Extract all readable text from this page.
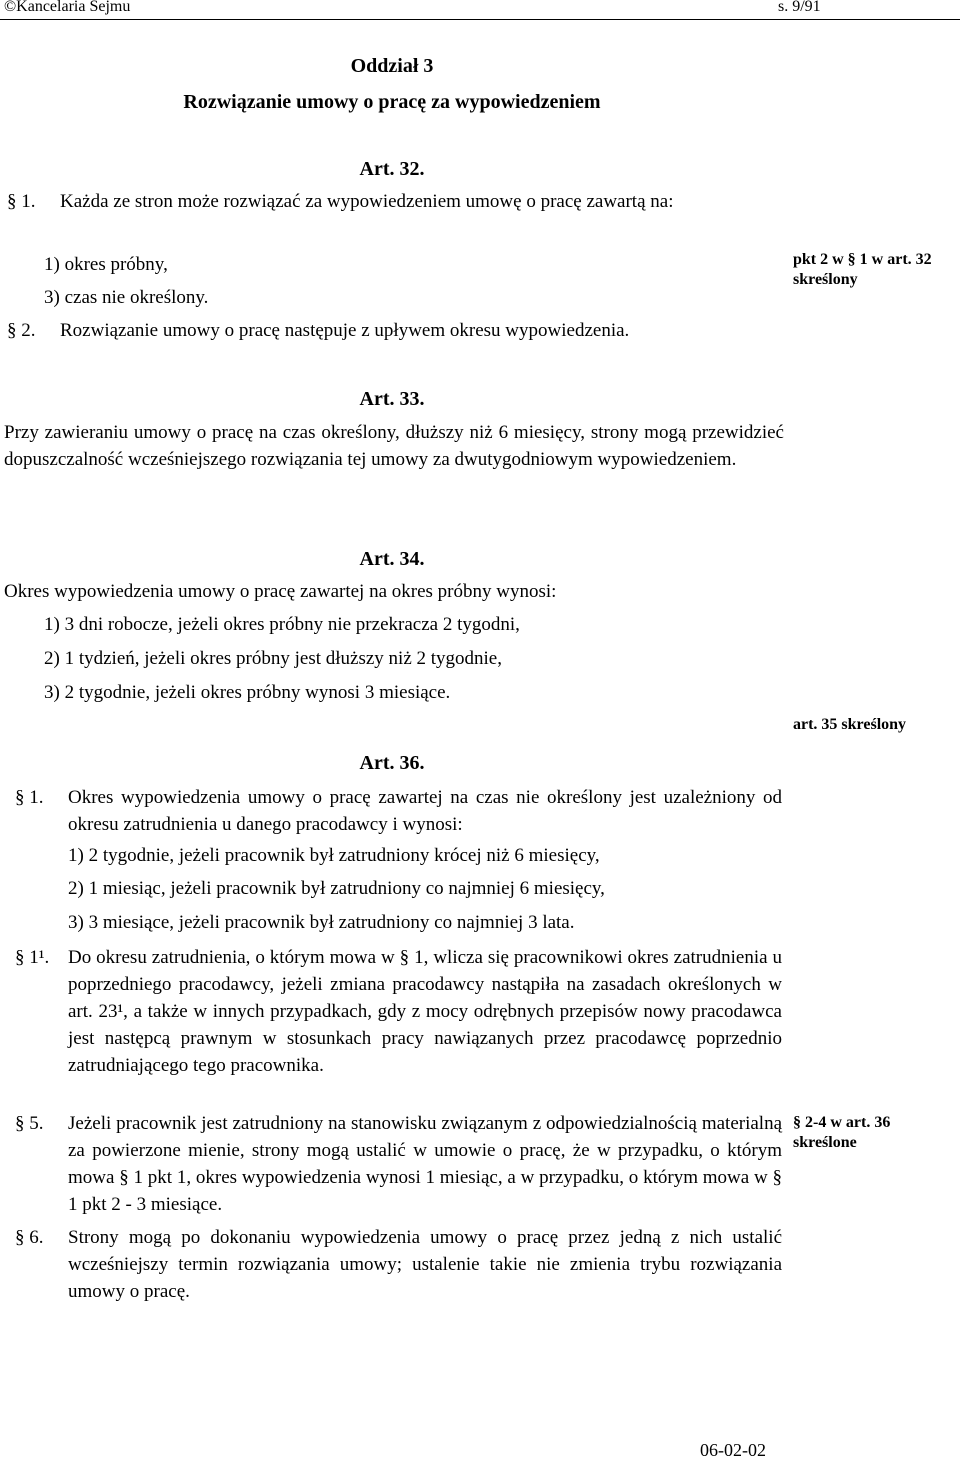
©Kancelaria Sejmu	s. 9/91
Oddział 3
Rozwiązanie umowy o pracę za wypowiedzeniem
Art. 32.
§ 1. Każda ze stron może rozwiązać za wypowiedzeniem umowę o pracę zawartą na:
1) okres próbny,
3) czas nie określony.
§ 2. Rozwiązanie umowy o pracę następuje z upływem okresu wypowiedzenia.
pkt 2 w § 1 w art. 32 skreślony
Art. 33.
Przy zawieraniu umowy o pracę na czas określony, dłuższy niż 6 miesięcy, strony mogą przewidzieć dopuszczalność wcześniejszego rozwiązania tej umowy za dwutygodniowym wypowiedzeniem.
Art. 34.
Okres wypowiedzenia umowy o pracę zawartej na okres próbny wynosi:
1) 3 dni robocze, jeżeli okres próbny nie przekracza 2 tygodni,
2) 1 tydzień, jeżeli okres próbny jest dłuższy niż 2 tygodnie,
3) 2 tygodnie, jeżeli okres próbny wynosi 3 miesiące.
art. 35 skreślony
Art. 36.
§ 1. Okres wypowiedzenia umowy o pracę zawartej na czas nie określony jest uzależniony od okresu zatrudnienia u danego pracodawcy i wynosi:
1) 2 tygodnie, jeżeli pracownik był zatrudniony krócej niż 6 miesięcy,
2) 1 miesiąc, jeżeli pracownik był zatrudniony co najmniej 6 miesięcy,
3) 3 miesiące, jeżeli pracownik był zatrudniony co najmniej 3 lata.
§ 1¹. Do okresu zatrudnienia, o którym mowa w § 1, wlicza się pracownikowi okres zatrudnienia u poprzedniego pracodawcy, jeżeli zmiana pracodawcy nastąpiła na zasadach określonych w art. 23¹, a także w innych przypadkach, gdy z mocy odrębnych przepisów nowy pracodawca jest następcą prawnym w stosunkach pracy nawiązanych przez pracodawcę poprzednio zatrudniającego tego pracownika.
§ 5. Jeżeli pracownik jest zatrudniony na stanowisku związanym z odpowiedzialnością materialną za powierzone mienie, strony mogą ustalić w umowie o pracę, że w przypadku, o którym mowa § 1 pkt 1, okres wypowiedzenia wynosi 1 miesiąc, a w przypadku, o którym mowa w § 1 pkt 2 - 3 miesiące.
§ 6. Strony mogą po dokonaniu wypowiedzenia umowy o pracę przez jedną z nich ustalić wcześniejszy termin rozwiązania umowy; ustalenie takie nie zmienia trybu rozwiązania umowy o pracę.
§ 2-4 w art. 36 skreślone
06-02-02
